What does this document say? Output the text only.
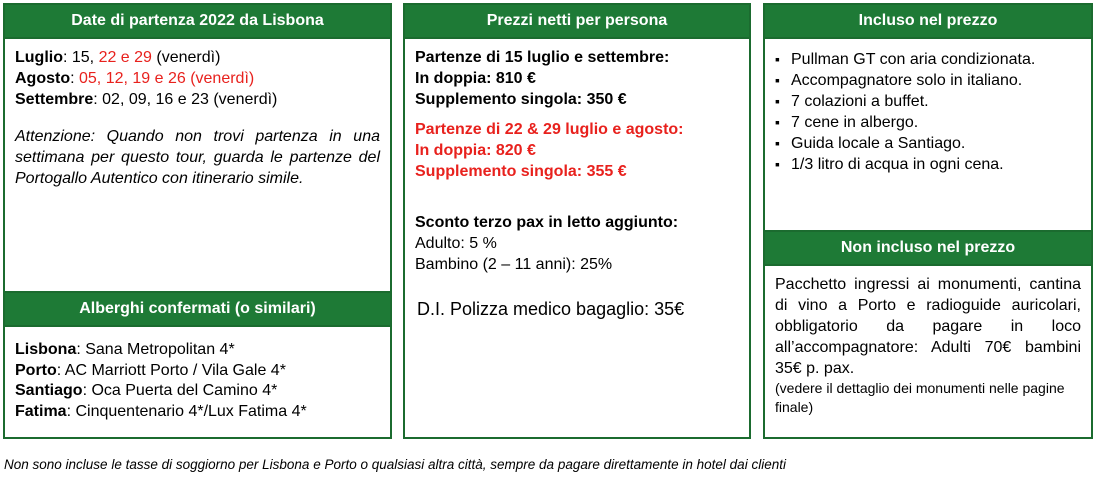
Date di partenza 2022 da Lisbona
Luglio: 15, 22 e 29 (venerdì)
Agosto: 05, 12, 19 e 26 (venerdì)
Settembre: 02, 09, 16 e 23 (venerdì)
Attenzione: Quando non trovi partenza in una settimana per questo tour, guarda le partenze del Portogallo Autentico con itinerario simile.
Alberghi confermati (o similari)
Lisbona: Sana Metropolitan 4*
Porto: AC Marriott Porto / Vila Gale 4*
Santiago: Oca Puerta del Camino 4*
Fatima: Cinquentenario 4*/Lux Fatima 4*
Prezzi netti per persona
Partenze di 15 luglio e settembre:
In doppia: 810 €
Supplemento singola: 350 €
Partenze di 22 & 29 luglio e agosto:
In doppia: 820 €
Supplemento singola: 355 €
Sconto terzo pax in letto aggiunto:
Adulto: 5 %
Bambino (2 – 11 anni): 25%
D.I. Polizza medico bagaglio: 35€
Incluso nel prezzo
▪ Pullman GT con aria condizionata.
▪ Accompagnatore solo in italiano.
▪ 7 colazioni a buffet.
▪ 7 cene in albergo.
▪ Guida locale a Santiago.
▪ 1/3 litro di acqua in ogni cena.
Non incluso nel prezzo
Pacchetto ingressi ai monumenti, cantina di vino a Porto e radioguide auricolari, obbligatorio da pagare in loco all’accompagnatore: Adulti 70€ bambini 35€ p. pax.
(vedere il dettaglio dei monumenti nelle pagine finale)
Non sono incluse le tasse di soggiorno per Lisbona e Porto o qualsiasi altra città, sempre da pagare direttamente in hotel dai clienti
